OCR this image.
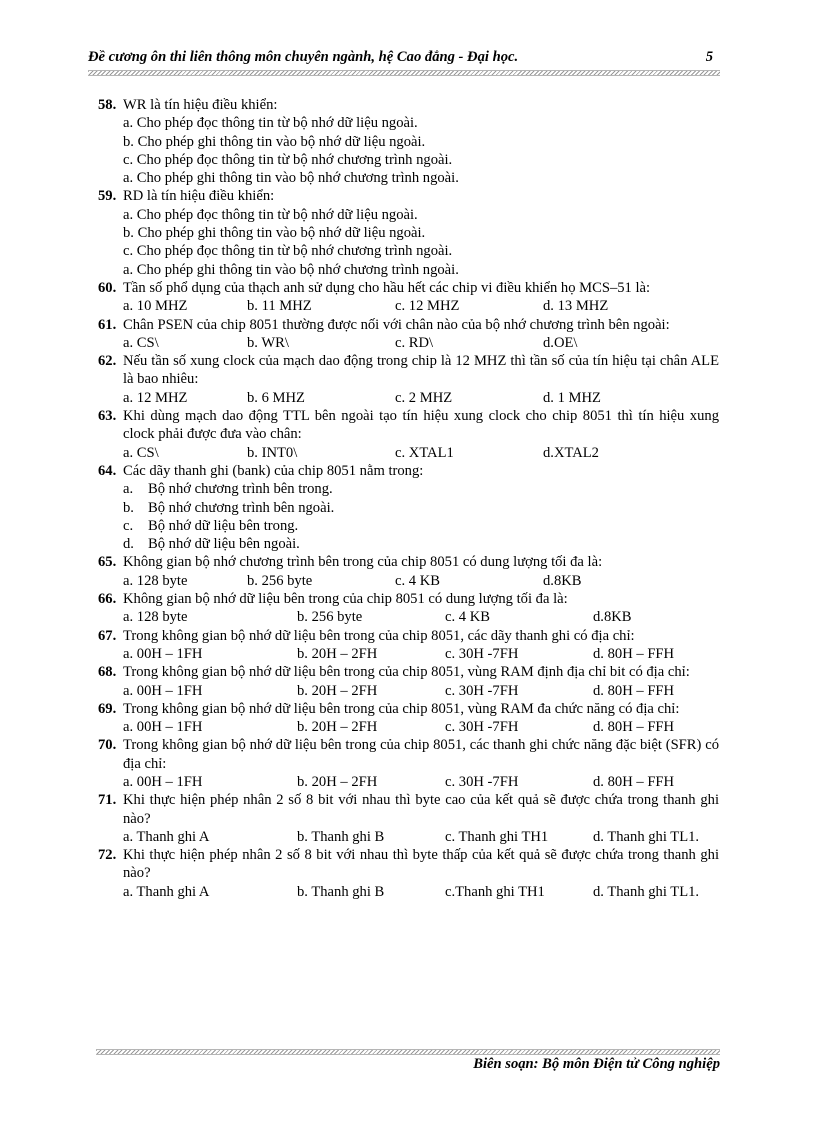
Đề cương ôn thi liên thông môn chuyên ngành, hệ Cao đẳng - Đại học.	5
58. WR là tín hiệu điều khiển:
a. Cho phép đọc thông tin từ bộ nhớ dữ liệu ngoài.
b. Cho phép ghi thông tin vào bộ nhớ dữ liệu ngoài.
c. Cho phép đọc thông tin từ bộ nhớ chương trình ngoài.
a. Cho phép ghi thông tin vào bộ nhớ chương trình ngoài.
59. RD là tín hiệu điều khiển:
a. Cho phép đọc thông tin từ bộ nhớ dữ liệu ngoài.
b. Cho phép ghi thông tin vào bộ nhớ dữ liệu ngoài.
c. Cho phép đọc thông tin từ bộ nhớ chương trình ngoài.
a. Cho phép ghi thông tin vào bộ nhớ chương trình ngoài.
60. Tần số phổ dụng của thạch anh sử dụng cho hầu hết các chip vi điều khiển họ MCS–51 là:
a. 10 MHZ	b. 11 MHZ	c. 12 MHZ	d. 13 MHZ
61. Chân PSEN của chip 8051 thường được nối với chân nào của bộ nhớ chương trình bên ngoài:
a. CS\	b. WR\	c. RD\	d.OE\
62. Nếu tần số xung clock của mạch dao động trong chip là 12 MHZ thì tần số của tín hiệu tại chân ALE là bao nhiêu:
a. 12 MHZ	b. 6 MHZ	c. 2 MHZ	d. 1 MHZ
63. Khi dùng mạch dao động TTL bên ngoài tạo tín hiệu xung clock cho chip 8051 thì tín hiệu xung clock phải được đưa vào chân:
a. CS\	b. INT0\	c. XTAL1	d.XTAL2
64. Các dãy thanh ghi (bank) của chip 8051 nằm trong:
a.	Bộ nhớ chương trình bên trong.
b. Bộ nhớ chương trình bên ngoài.
c.	Bộ nhớ dữ liệu bên trong.
d. Bộ nhớ dữ liệu bên ngoài.
65. Không gian bộ nhớ chương trình bên trong của chip 8051 có dung lượng tối đa là:
a. 128 byte	b. 256 byte	c. 4 KB	d.8KB
66. Không gian bộ nhớ dữ liệu bên trong của chip 8051 có dung lượng tối đa là:
a. 128 byte	b. 256 byte	c. 4 KB	d.8KB
67. Trong không gian bộ nhớ dữ liệu bên trong của chip 8051, các dãy thanh ghi có địa chỉ:
a. 00H – 1FH	b. 20H – 2FH	c. 30H -7FH	d. 80H – FFH
68. Trong không gian bộ nhớ dữ liệu bên trong của chip 8051, vùng RAM định địa chỉ bit có địa chỉ:
a. 00H – 1FH	b. 20H – 2FH	c. 30H -7FH	d. 80H – FFH
69. Trong không gian bộ nhớ dữ liệu bên trong của chip 8051, vùng RAM đa chức năng có địa chỉ:
a. 00H – 1FH	b. 20H – 2FH	c. 30H -7FH	d. 80H – FFH
70. Trong không gian bộ nhớ dữ liệu bên trong của chip 8051, các thanh ghi chức năng đặc biệt (SFR) có địa chỉ:
a. 00H – 1FH	b. 20H – 2FH	c. 30H -7FH	d. 80H – FFH
71. Khi thực hiện phép nhân 2 số 8 bit với nhau thì byte cao của kết quả sẽ được chứa trong thanh ghi nào?
a. Thanh ghi A	b. Thanh ghi B	c. Thanh ghi TH1	d. Thanh ghi TL1.
72. Khi thực hiện phép nhân 2 số 8 bit với nhau thì byte thấp của kết quả sẽ được chứa trong thanh ghi nào?
a. Thanh ghi A	b. Thanh ghi B	c.Thanh ghi TH1	d. Thanh ghi TL1.
Biên soạn: Bộ môn Điện tử Công nghiệp
